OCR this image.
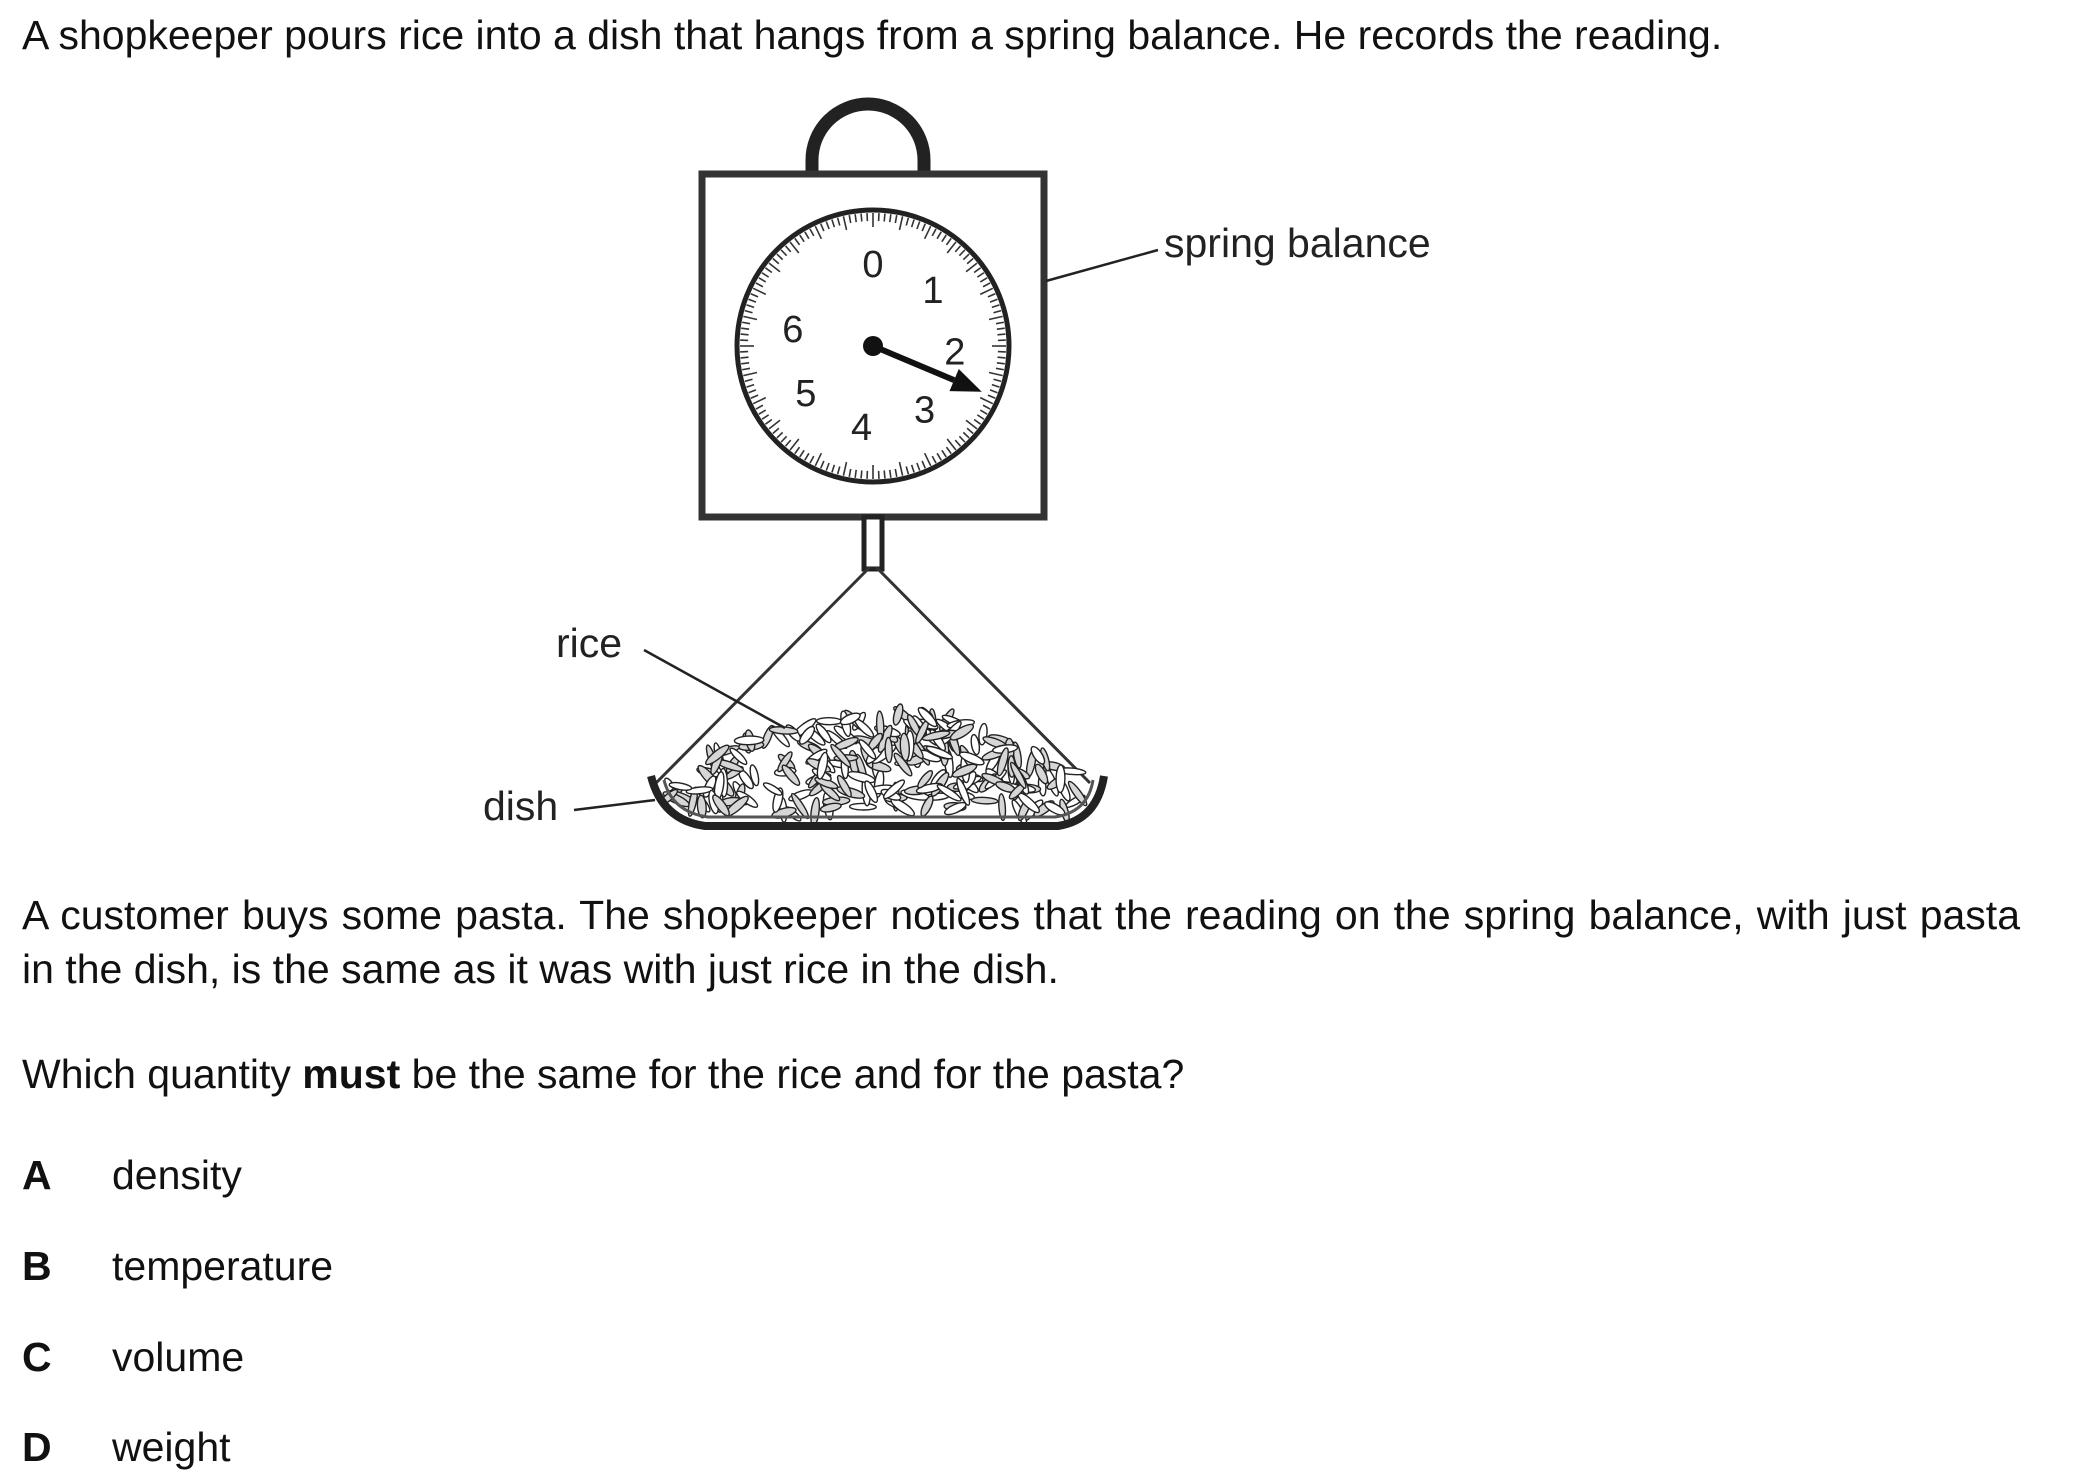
A shopkeeper pours rice into a dish that hangs from a spring balance. He records the reading.

0
1
2
3
4
5
6
spring balance
rice
dish

A customer buys some pasta. The shopkeeper notices that the reading on the spring balance, with just pasta in the dish, is the same as it was with just rice in the dish.

Which quantity must be the same for the rice and for the pasta?

A density
B temperature
C volume
D weight
